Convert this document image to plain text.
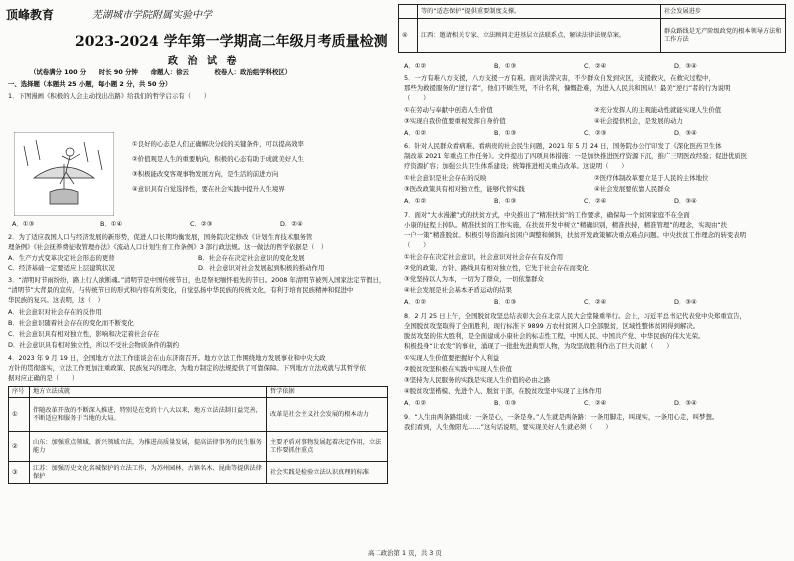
顶峰教育	芜湖城市学院附属实验中学
2023-2024 学年第一学期高二年级月考质量检测
政 治 试 卷
（试卷满分 100 分　　时长 90 分钟　　命题人：徐云　　　　校卷人：政治组学科校区）
一、选择题（本题共 25 小题，每小题 2 分，共 50 分）
1．下图漫画《积极的人会主动找出出路》给我们的哲学启示有（　　）
①良好的心态是人们正确解决分歧的关键条件，可以提高效率
②价值观是人生的重要航向，积极的心态有助于成就美好人生
③积极能改变客观事物发展方向，是生活的前进方向
④意识具有自觉选择性，要在社会实践中提升人生境界
A．①③	B．①④	C．②③	D．②④
2．为了适应我国人口与经济发展的新形势，促进人口长期均衡发展，国务院决定修改《计划生育技术服务管
理条例》《社会抚养费征收管理办法》《流动人口计划生育工作条例》3 部行政法规。这一做法的哲学依据是（　）
A．生产方式变革决定社会形态的更替	B．社会存在决定社会意识的变化发展
C．经济基础一定要适应上层建筑状况	D．社会意识对社会发展起到积极的推动作用
3．“清明时节雨纷纷，路上行人欲断魂。”清明节是中国传统节日，也是祭祀缅怀祖先的节日。2008 年清明节被列入国家法定节假日，
“清明节”大背景的宣传，与传统节日的形式和内容有所变化，自觉弘扬中华民族的传统文化，有利于培育民族精神和促进中
华民族的复兴。这表明，这（　）
A．社会意识对社会存在的反作用
B．社会意识随着社会存在的变化而不断变化
C．社会意识具有相对独立性，影响和决定着社会存在
D．社会意识具有相对独立性，所以不受社会物质条件的制约
4．2023 年 9 月 19 日，全国地方立法工作座谈会在山东济南召开。地方立法工作围绕地方发展事业和中央大政
方针的贯彻落实，立法工作更加注重政策、民族复兴的理念，为地方制定的法规提供了可靠保障。下列地方立法成就与其哲学依
据对应正确的是（　　）
序号	地方立法成就	哲学依据
①	伴随改革开放的不断深入推进，特别是在党的十八大以来，地方立法法制日益完善，不断适应和服务于当地的大局。	改革是社会主义社会发展的根本动力
②	山东：加强重点领域、新兴领域立法，为推进高质量发展，提高法律事务的民生服务能力	主要矛盾对事物发展起着决定作用，立法工作要抓住重点
③	江苏：加强历史文化名城保护的立法工作，为苏州园林、古镇名木、昆曲等提供法律保护	社会实践是检验立法认识真理的标准
	等的“适态保护”提供重要制度支撑。	社会发展进步
④	江西：邀请相关专家、立法顾问走进基层立法联系点，解读法律法规草案。	群众路线是无产阶级政党的根本领导方法和工作方法
A．①②	B．①③	C．②④	D．③④
5．一方有难八方支援，八方支援一方有难。面对洪涝灾害，不少群众自发到灾区，支援救灾，在救灾过程中，
那些为救援服务的“逆行者”，他们不顾生死，不计名利，慷慨赴难，为进入人民共和国从！最美“逆行”者的行为说明
（　　）
①在劳动与奉献中创造人生价值	②充分发挥人的主观能动性就能实现人生价值
③实现自我价值要重视发挥自身价值	④社会提供机会，是发展的动力
A．①②	B．①③	C．②③	D．③④
6．针对人民群众看病难、看病贵的社会民生问题，2021 年 5 月 24 日，国务院办公厅印发了《深化医药卫生体
制改革 2021 年重点工作任务》。文件提出了四项具体措施：一是加快推进医疗资源下沉，推广三明医改经验；促进优质医
疗资源扩容；加强公共卫生体系建设；统筹推进相关重点改革。这说明（　　）
①社会意识是社会存在的反映	②医疗体制改革要立足于人民的主体地位
③医改政策具有相对独立性，能够代替实践	④社会发展要依靠人民群众
A．①②	B．①③	C．②④	D．③④
7．面对“大水漫灌”式的扶贫方式，中央推出了“精准扶贫”的工作要求，确保每一个贫困家庭不在全面
小康的征程上掉队。精准扶贫的工作实施，在扶贫开发中树立“精确识别，精准扶持，精准管理”的理念，实现由“扶
一户一策”精准脱贫。积极引导资源向贫困户调整和倾斜，扶贫开发政策解决重点难点问题。中央扶贫工作理念的转变表明
（　　）
①社会存在决定社会意识，社会意识对社会存在有反作用
②党的政策、方针、路线具有相对独立性，它先于社会存在而变化
③党坚持以人为本，一切为了群众，一切依靠群众
④社会发展是社会基本矛盾运动的结果
A．①②	B．①③	C．②④	D．③④
8．2 月 25 日上午，全国脱贫攻坚总结表彰大会在北京人民大会堂隆重举行。会上，习近平总书记代表党中央郑重宣告，
全国脱贫攻坚取得了全面胜利，现行标准下 9899 万农村贫困人口全部脱贫，区域性整体贫困得到解决。
脱贫攻坚的伟大胜利，是全面建成小康社会的标志性工程，中国人民、中国共产党、中华民族的伟大光荣。
积极投身“让农发”的事业，涌现了一批批先进典型人物，为攻坚战胜利作出了巨大贡献（　　）
①实现人生价值要把握好个人利益
②脱贫攻坚积极在实践中实现人生价值
③坚持为人民服务的实践是实现人生价值的必由之路
④脱贫攻坚楷模、先进个人、脱贫干部，在脱贫攻坚中实现了主体作用
A．①②	B．①③	C．②④	D．③④
9．“人生由两条路组成：一条是心，一条是身。”人生就是两条路：一条用脚走，叫现实，一条用心走，叫梦想。
我们看到，人生像阳光……”这句话说明，要实现美好人生就必须（　　）
高二政治第 1 页，共 3 页
